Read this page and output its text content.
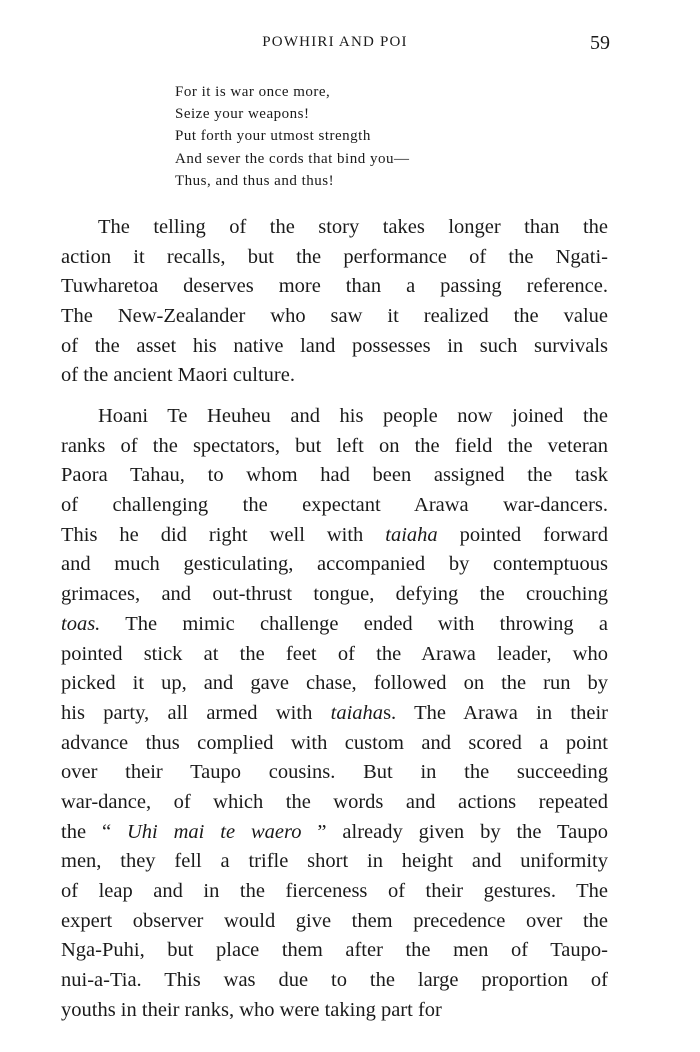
POWHIRI AND POI	59
For it is war once more,
Seize your weapons!
Put forth your utmost strength
And sever the cords that bind you—
Thus, and thus and thus!
The telling of the story takes longer than the
action it recalls, but the performance of the Ngati-
Tuwharetoa deserves more than a passing reference.
The New-Zealander who saw it realized the value
of the asset his native land possesses in such survivals
of the ancient Maori culture.
Hoani Te Heuheu and his people now joined the
ranks of the spectators, but left on the field the veteran
Paora Tahau, to whom had been assigned the task
of challenging the expectant Arawa war-dancers.
This he did right well with taiaha pointed forward
and much gesticulating, accompanied by contemptuous
grimaces, and out-thrust tongue, defying the crouching
toas. The mimic challenge ended with throwing a
pointed stick at the feet of the Arawa leader, who
picked it up, and gave chase, followed on the run by
his party, all armed with taiahas. The Arawa in their
advance thus complied with custom and scored a point
over their Taupo cousins. But in the succeeding
war-dance, of which the words and actions repeated
the “ Uhi mai te waero ” already given by the Taupo
men, they fell a trifle short in height and uniformity
of leap and in the fierceness of their gestures. The
expert observer would give them precedence over the
Nga-Puhi, but place them after the men of Taupo-
nui-a-Tia. This was due to the large proportion of
youths in their ranks, who were taking part for
